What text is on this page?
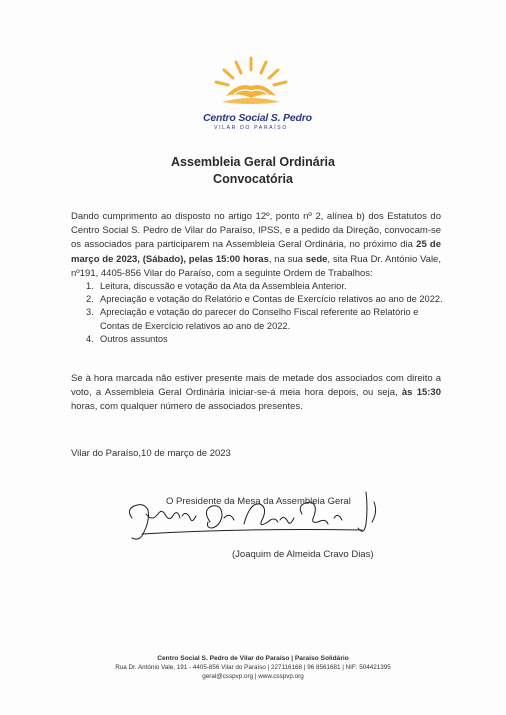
Centro Social S. Pedro
VILAR DO PARAÍSO
Assembleia Geral Ordinária
Convocatória
Dando cumprimento ao disposto no artigo 12º, ponto nº 2, alínea b) dos Estatutos do Centro Social S. Pedro de Vilar do Paraíso, IPSS, e a pedido da Direção, convocam-se os associados para participarem na Assembleia Geral Ordinária, no próximo dia 25 de março de 2023, (Sábado), pelas 15:00 horas, na sua sede, sita Rua Dr. António Vale, nº191, 4405-856 Vilar do Paraíso, com a seguinte Ordem de Trabalhos:
1. Leitura, discussão e votação da Ata da Assembleia Anterior.
2. Apreciação e votação do Relatório e Contas de Exercício relativos ao ano de 2022.
3. Apreciação e votação do parecer do Conselho Fiscal referente ao Relatório e Contas de Exercício relativos ao ano de 2022.
4. Outros assuntos
Se à hora marcada não estiver presente mais de metade dos associados com direito a voto, a Assembleia Geral Ordinária iniciar-se-á meia hora depois, ou seja, às 15:30 horas, com qualquer número de associados presentes.
Vilar do Paraíso,10 de março de 2023
O Presidente da Mesa da Assembleia Geral
(Joaquim de Almeida Cravo Dias)
Centro Social S. Pedro de Vilar do Paraíso | Paraíso Solidário
Rua Dr. António Vale, 191 - 4405-856 Vilar do Paraíso | 227116168 | 96 8561681 | NIF: 504421395
geral@csspvp.org | www.csspvp.org
